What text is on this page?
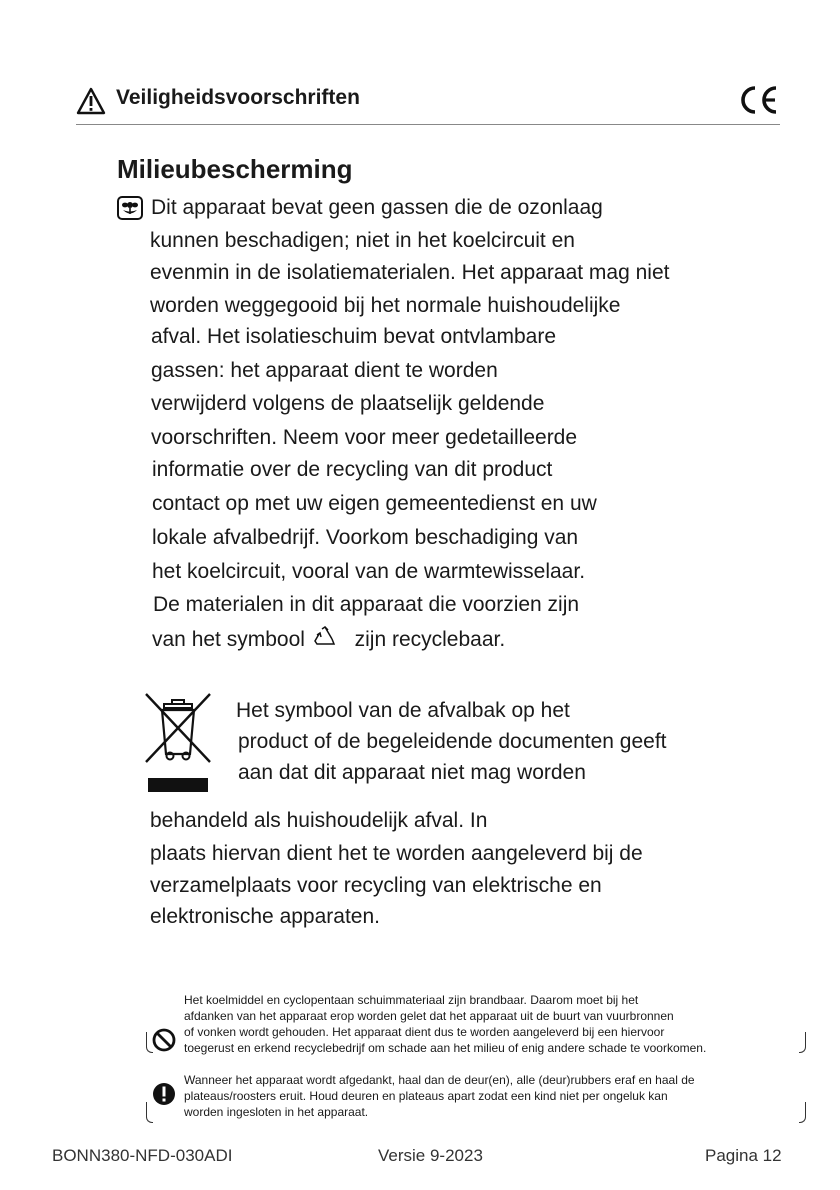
Veiligheidsvoorschriften
Milieubescherming
Dit apparaat bevat geen gassen die de ozonlaag
kunnen beschadigen; niet in het koelcircuit en
evenmin in de isolatiematerialen. Het apparaat mag niet
worden weggegooid bij het normale huishoudelijke
afval. Het isolatieschuim bevat ontvlambare
gassen: het apparaat dient te worden
verwijderd volgens de plaatselijk geldende
voorschriften. Neem voor meer gedetailleerde
informatie over de recycling van dit product
contact op met uw eigen gemeentedienst en uw
lokale afvalbedrijf. Voorkom beschadiging van
het koelcircuit, vooral van de warmtewisselaar.
De materialen in dit apparaat die voorzien zijn
van het symbool zijn recyclebaar.
Het symbool van de afvalbak op het
product of de begeleidende documenten geeft
aan dat dit apparaat niet mag worden
behandeld als huishoudelijk afval. In
plaats hiervan dient het te worden aangeleverd bij de
verzamelplaats voor recycling van elektrische en
elektronische apparaten.
Het koelmiddel en cyclopentaan schuimmateriaal zijn brandbaar. Daarom moet bij het
afdanken van het apparaat erop worden gelet dat het apparaat uit de buurt van vuurbronnen
of vonken wordt gehouden. Het apparaat dient dus te worden aangeleverd bij een hiervoor
toegerust en erkend recyclebedrijf om schade aan het milieu of enig andere schade te voorkomen.
Wanneer het apparaat wordt afgedankt, haal dan de deur(en), alle (deur)rubbers eraf en haal de
plateaus/roosters eruit. Houd deuren en plateaus apart zodat een kind niet per ongeluk kan
worden ingesloten in het apparaat.
BONN380-NFD-030ADI	Versie 9-2023	Pagina 12
